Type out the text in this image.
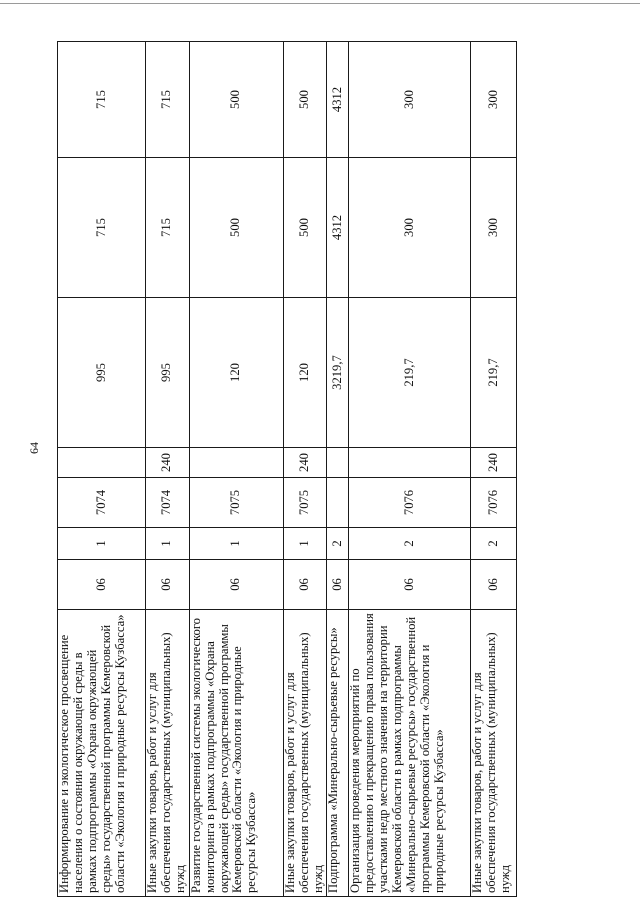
64
Информирование и экологическое просвещение населения о состоянии окружающей среды в рамках подпрограммы «Охрана окружающей среды» государственной программы Кемеровской области «Экология и природные ресурсы Кузбасса»	06	1	7074		995	715	715
Иные закупки товаров, работ и услуг для обеспечения государственных (муниципальных) нужд	06	1	7074	240	995	715	715
Развитие государственной системы экологического мониторинга в рамках подпрограммы «Охрана окружающей среды» государственной программы Кемеровской области «Экология и природные ресурсы Кузбасса»	06	1	7075		120	500	500
Иные закупки товаров, работ и услуг для обеспечения государственных (муниципальных) нужд	06	1	7075	240	120	500	500
Подпрограмма «Минерально-сырьевые ресурсы»	06	2			3219,7	4312	4312
Организация проведения мероприятий по предоставлению и прекращению права пользования участками недр местного значения на территории Кемеровской области в рамках подпрограммы «Минерально-сырьевые ресурсы» государственной программы Кемеровской области «Экология и природные ресурсы Кузбасса»	06	2	7076		219,7	300	300
Иные закупки товаров, работ и услуг для обеспечения государственных (муниципальных) нужд	06	2	7076	240	219,7	300	300
